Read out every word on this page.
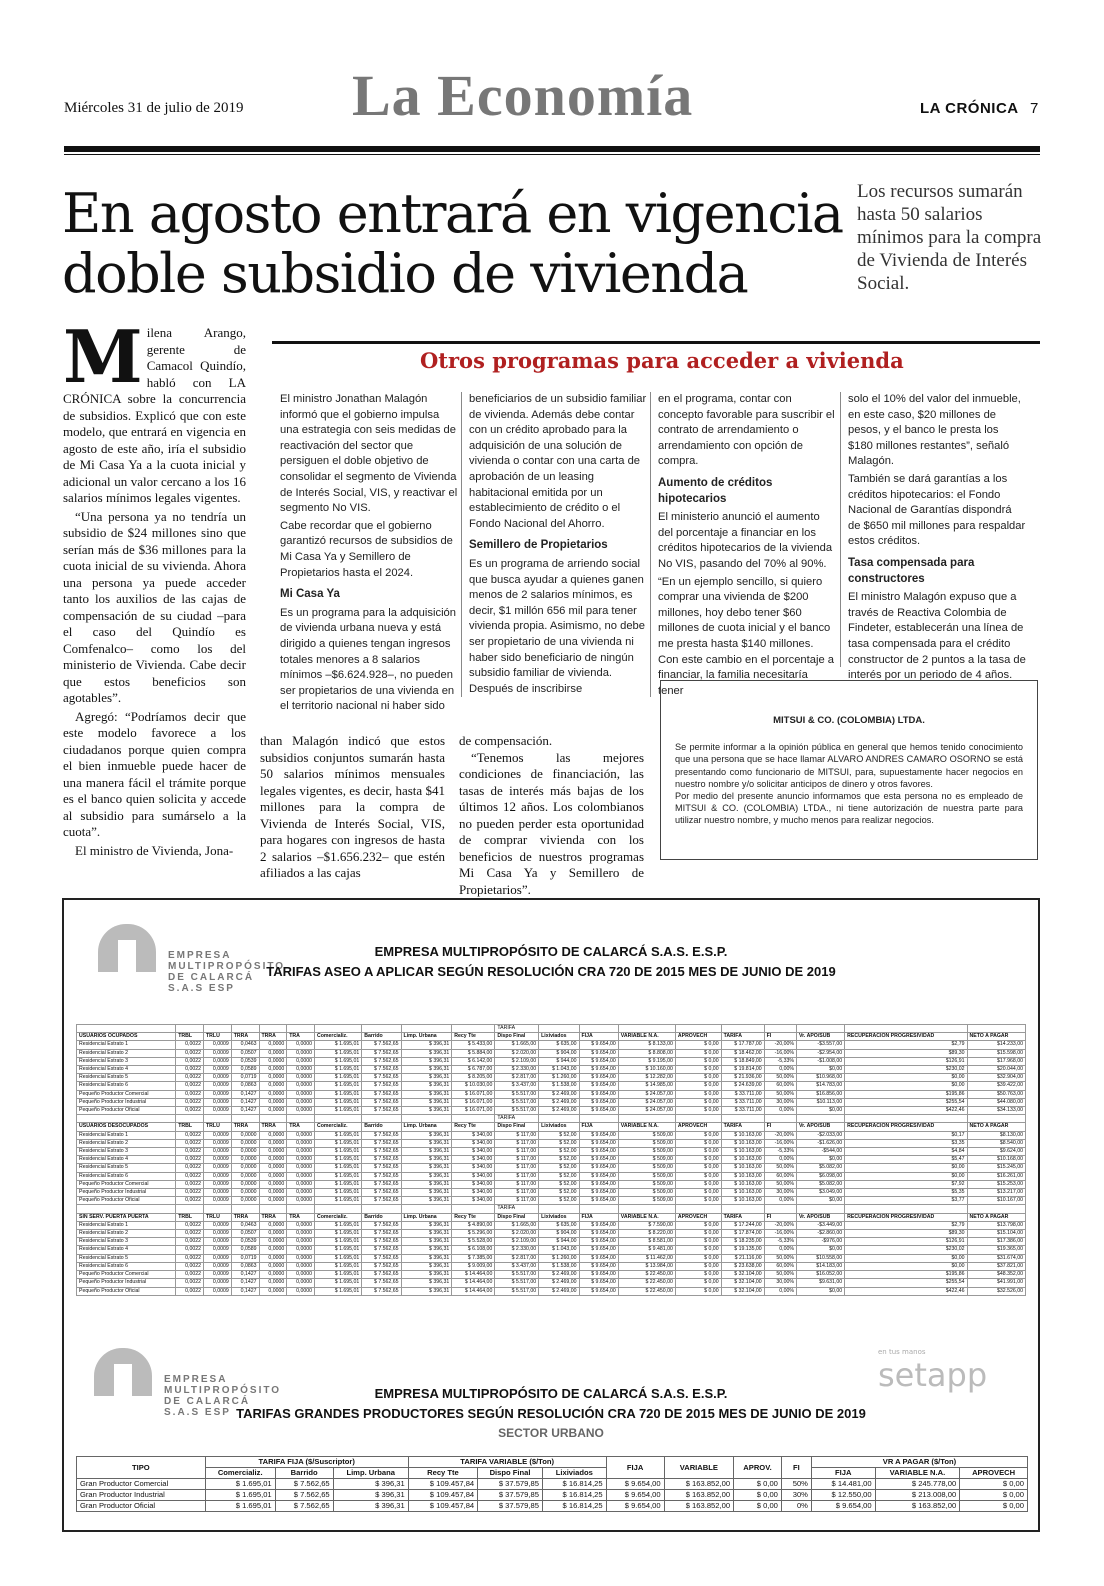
Miércoles 31 de julio de 2019 La Economía	LA CRÓNICA 7
En agosto entrará en vigencia doble subsidio de vivienda
Los recursos sumarán hasta 50 salarios mínimos para la compra de Vivienda de Interés Social.

Milena Arango, gerente de Camacol Quindío, habló con LA CRÓNICA sobre la concurrencia de subsidios. Explicó que con este modelo, que entrará en vigencia en agosto de este año, iría el subsidio de Mi Casa Ya a la cuota inicial y adicional un valor cercano a los 16 salarios mínimos legales vigentes.

“Una persona ya no tendría un subsidio de $24 millones sino que serían más de $36 millones para la cuota inicial de su vivienda. Ahora una persona ya puede acceder tanto los auxilios de las cajas de compensación de su ciudad –para el caso del Quindío es Comfenalco– como los del ministerio de Vivienda. Cabe decir que estos beneficios son agotables”.

Agregó: “Podríamos decir que este modelo favorece a los ciudadanos porque quien compra el bien inmueble puede hacer de una manera fácil el trámite porque es el banco quien solicita y accede al subsidio para sumárselo a la cuota”.

El ministro de Vivienda, Jona-

than Malagón indicó que estos subsidios conjuntos sumarán hasta 50 salarios mínimos mensuales legales vigentes, es decir, hasta $41 millones para la compra de Vivienda de Interés Social, VIS, para hogares con ingresos de hasta 2 salarios –$1.656.232– que estén afiliados a las cajas

de compensación.

“Tenemos las mejores condiciones de financiación, las tasas de interés más bajas de los últimos 12 años. Los colombianos no pueden perder esta oportunidad de comprar vivienda con los beneficios de nuestros programas Mi Casa Ya y Semillero de Propietarios”.

Otros programas para acceder a vivienda

El ministro Jonathan Malagón informó que el gobierno impulsa una estrategia con seis medidas de reactivación del sector que persiguen el doble objetivo de consolidar el segmento de Vivienda de Interés Social, VIS, y reactivar el segmento No VIS.

Cabe recordar que el gobierno garantizó recursos de subsidios de Mi Casa Ya y Semillero de Propietarios hasta el 2024.

Mi Casa Ya

Es un programa para la adquisición de vivienda urbana nueva y está dirigido a quienes tengan ingresos totales menores a 8 salarios mínimos –$6.624.928–, no pueden ser propietarios de una vivienda en el territorio nacional ni haber sido

beneficiarios de un subsidio familiar de vivienda. Además debe contar con un crédito aprobado para la adquisición de una solución de vivienda o contar con una carta de aprobación de un leasing habitacional emitida por un establecimiento de crédito o el Fondo Nacional del Ahorro.

Semillero de Propietarios

Es un programa de arriendo social que busca ayudar a quienes ganen menos de 2 salarios mínimos, es decir, $1 millón 656 mil para tener vivienda propia. Asimismo, no debe ser propietario de una vivienda ni haber sido beneficiario de ningún subsidio familiar de vivienda. Después de inscribirse

en el programa, contar con concepto favorable para suscribir el contrato de arrendamiento o arrendamiento con opción de compra.

Aumento de créditos hipotecarios

El ministerio anunció el aumento del porcentaje a financiar en los créditos hipotecarios de la vivienda No VIS, pasando del 70% al 90%.

“En un ejemplo sencillo, si quiero comprar una vivienda de $200 millones, hoy debo tener $60 millones de cuota inicial y el banco me presta hasta $140 millones. Con este cambio en el porcentaje a financiar, la familia necesitaría tener

solo el 10% del valor del inmueble, en este caso, $20 millones de pesos, y el banco le presta los $180 millones restantes”, señaló Malagón.

También se dará garantías a los créditos hipotecarios: el Fondo Nacional de Garantías dispondrá de $650 mil millones para respaldar estos créditos.

Tasa compensada para constructores

El ministro Malagón expuso que a través de Reactiva Colombia de Findeter, establecerán una línea de tasa compensada para el crédito constructor de 2 puntos a la tasa de interés por un periodo de 4 años.

MITSUI & CO. (COLOMBIA) LTDA.

Se permite informar a la opinión pública en general que hemos tenido conocimiento que una persona que se hace llamar ALVARO ANDRES CAMARO OSORNO se está presentando como funcionario de MITSUI, para, supuestamente hacer negocios en nuestro nombre y/o solicitar anticipos de dinero y otros favores.

Por medio del presente anuncio informamos que esta persona no es empleado de MITSUI & CO. (COLOMBIA) LTDA., ni tiene autorización de nuestra parte para utilizar nuestro nombre, y mucho menos para realizar negocios.

EMPRESA
MULTIPROPÓSITO
DE CALARCÁ S.A.S ESP
EMPRESA MULTIPROPÓSITO DE CALARCÁ S.A.S. E.S.P.
TARIFAS ASEO A APLICAR SEGÚN RESOLUCIÓN CRA 720 DE 2015 MES DE JUNIO DE 2019
										TARIFA									
USUARIOS OCUPADOS	TRBL	TRLU	TRRA	TRRA	TRA	Comercializ.	Barrido	Limp. Urbana	Recy Tte	Dispo Final	Lixiviados	FIJA	VARIABLE N.A.	APROVECH	TARIFA	FI	Vr. APO/SUB	RECUPERACION PROGRESIVIDAD	NETO A PAGAR
Residencial Estrato 1	0,0022	0,0009	0,0463	0,0000	0,0000	$ 1.695,01	$ 7.562,65	$ 396,31	$ 5.433,00	$ 1.665,00	$ 635,00	$ 9.654,00	$ 8.133,00	$ 0,00	$ 17.787,00	-20,00%	-$3.557,00	$2,79	$14.233,00
Residencial Estrato 2	0,0022	0,0009	0,0507	0,0000	0,0000	$ 1.695,01	$ 7.562,65	$ 396,31	$ 5.884,00	$ 2.020,00	$ 904,00	$ 9.654,00	$ 8.808,00	$ 0,00	$ 18.462,00	-16,00%	-$2.954,00	$89,30	$15.598,00
Residencial Estrato 3	0,0022	0,0009	0,0539	0,0000	0,0000	$ 1.695,01	$ 7.562,65	$ 396,31	$ 6.142,00	$ 2.109,00	$ 944,00	$ 9.654,00	$ 9.195,00	$ 0,00	$ 18.849,00	-5,33%	-$1.008,00	$126,91	$17.968,00
Residencial Estrato 4	0,0022	0,0009	0,0589	0,0000	0,0000	$ 1.695,01	$ 7.562,65	$ 396,31	$ 6.787,00	$ 2.330,00	$ 1.043,00	$ 9.654,00	$ 10.160,00	$ 0,00	$ 19.814,00	0,00%	$0,00	$230,02	$20.044,00
Residencial Estrato 5	0,0022	0,0009	0,0719	0,0000	0,0000	$ 1.695,01	$ 7.562,65	$ 396,31	$ 8.205,00	$ 2.817,00	$ 1.260,00	$ 9.654,00	$ 12.282,00	$ 0,00	$ 21.936,00	50,00%	$10.968,00	$0,00	$32.904,00
Residencial Estrato 6	0,0022	0,0009	0,0863	0,0000	0,0000	$ 1.695,01	$ 7.562,65	$ 396,31	$ 10.030,00	$ 3.437,00	$ 1.538,00	$ 9.654,00	$ 14.985,00	$ 0,00	$ 24.639,00	60,00%	$14.783,00	$0,00	$39.422,00
Pequeño Productor Comercial	0,0022	0,0009	0,1427	0,0000	0,0000	$ 1.695,01	$ 7.562,65	$ 396,31	$ 16.071,00	$ 5.517,00	$ 2.469,00	$ 9.654,00	$ 24.057,00	$ 0,00	$ 33.711,00	50,00%	$16.856,00	$195,86	$50.763,00
Pequeño Productor Industrial	0,0022	0,0009	0,1427	0,0000	0,0000	$ 1.695,01	$ 7.562,65	$ 396,31	$ 16.071,00	$ 5.517,00	$ 2.469,00	$ 9.654,00	$ 24.057,00	$ 0,00	$ 33.711,00	30,00%	$10.113,00	$255,54	$44.080,00
Pequeño Productor Oficial	0,0022	0,0009	0,1427	0,0000	0,0000	$ 1.695,01	$ 7.562,65	$ 396,31	$ 16.071,00	$ 5.517,00	$ 2.469,00	$ 9.654,00	$ 24.057,00	$ 0,00	$ 33.711,00	0,00%	$0,00	$422,46	$34.133,00
										TARIFA									
USUARIOS DESOCUPADOS	TRBL	TRLU	TRRA	TRRA	TRA	Comercializ.	Barrido	Limp. Urbana	Recy Tte	Dispo Final	Lixiviados	FIJA	VARIABLE N.A.	APROVECH	TARIFA	FI	Vr. APO/SUB	RECUPERACION PROGRESIVIDAD	NETO A PAGAR
Residencial Estrato 1	0,0022	0,0009	0,0000	0,0000	0,0000	$ 1.695,01	$ 7.562,65	$ 396,31	$ 340,00	$ 117,00	$ 52,00	$ 9.654,00	$ 509,00	$ 0,00	$ 10.163,00	-20,00%	-$2.033,00	$0,17	$8.130,00
Residencial Estrato 2	0,0022	0,0009	0,0000	0,0000	0,0000	$ 1.695,01	$ 7.562,65	$ 396,31	$ 340,00	$ 117,00	$ 52,00	$ 9.654,00	$ 509,00	$ 0,00	$ 10.163,00	-16,00%	-$1.626,00	$3,35	$8.540,00
Residencial Estrato 3	0,0022	0,0009	0,0000	0,0000	0,0000	$ 1.695,01	$ 7.562,65	$ 396,31	$ 340,00	$ 117,00	$ 52,00	$ 9.654,00	$ 509,00	$ 0,00	$ 10.163,00	-5,33%	-$544,00	$4,84	$9.624,00
Residencial Estrato 4	0,0022	0,0009	0,0000	0,0000	0,0000	$ 1.695,01	$ 7.562,65	$ 396,31	$ 340,00	$ 117,00	$ 52,00	$ 9.654,00	$ 509,00	$ 0,00	$ 10.163,00	0,00%	$0,00	$5,47	$10.168,00
Residencial Estrato 5	0,0022	0,0009	0,0000	0,0000	0,0000	$ 1.695,01	$ 7.562,65	$ 396,31	$ 340,00	$ 117,00	$ 52,00	$ 9.654,00	$ 509,00	$ 0,00	$ 10.163,00	50,00%	$5.082,00	$0,00	$15.245,00
Residencial Estrato 6	0,0022	0,0009	0,0000	0,0000	0,0000	$ 1.695,01	$ 7.562,65	$ 396,31	$ 340,00	$ 117,00	$ 52,00	$ 9.654,00	$ 509,00	$ 0,00	$ 10.163,00	60,00%	$6.098,00	$0,00	$16.261,00
Pequeño Productor Comercial	0,0022	0,0009	0,0000	0,0000	0,0000	$ 1.695,01	$ 7.562,65	$ 396,31	$ 340,00	$ 117,00	$ 52,00	$ 9.654,00	$ 509,00	$ 0,00	$ 10.163,00	50,00%	$5.082,00	$7,92	$15.253,00
Pequeño Productor Industrial	0,0022	0,0009	0,0000	0,0000	0,0000	$ 1.695,01	$ 7.562,65	$ 396,31	$ 340,00	$ 117,00	$ 52,00	$ 9.654,00	$ 509,00	$ 0,00	$ 10.163,00	30,00%	$3.049,00	$5,35	$13.217,00
Pequeño Productor Oficial	0,0022	0,0009	0,0000	0,0000	0,0000	$ 1.695,01	$ 7.562,65	$ 396,31	$ 340,00	$ 117,00	$ 52,00	$ 9.654,00	$ 509,00	$ 0,00	$ 10.163,00	0,00%	$0,00	$3,77	$10.167,00
										TARIFA									
SIN SERV. PUERTA PUERTA	TRBL	TRLU	TRRA	TRRA	TRA	Comercializ.	Barrido	Limp. Urbana	Recy Tte	Dispo Final	Lixiviados	FIJA	VARIABLE N.A.	APROVECH	TARIFA	FI	Vr. APO/SUB	RECUPERACION PROGRESIVIDAD	NETO A PAGAR
Residencial Estrato 1	0,0022	0,0009	0,0463	0,0000	0,0000	$ 1.695,01	$ 7.562,65	$ 396,31	$ 4.890,00	$ 1.665,00	$ 635,00	$ 9.654,00	$ 7.590,00	$ 0,00	$ 17.244,00	-20,00%	-$3.449,00	$2,79	$13.798,00
Residencial Estrato 2	0,0022	0,0009	0,0507	0,0000	0,0000	$ 1.695,01	$ 7.562,65	$ 396,31	$ 5.296,00	$ 2.020,00	$ 904,00	$ 9.654,00	$ 8.220,00	$ 0,00	$ 17.874,00	-16,00%	-$2.860,00	$89,30	$15.104,00
Residencial Estrato 3	0,0022	0,0009	0,0539	0,0000	0,0000	$ 1.695,01	$ 7.562,65	$ 396,31	$ 5.528,00	$ 2.109,00	$ 944,00	$ 9.654,00	$ 8.581,00	$ 0,00	$ 18.235,00	-5,33%	-$976,00	$126,91	$17.386,00
Residencial Estrato 4	0,0022	0,0009	0,0589	0,0000	0,0000	$ 1.695,01	$ 7.562,65	$ 396,31	$ 6.108,00	$ 2.330,00	$ 1.043,00	$ 9.654,00	$ 9.481,00	$ 0,00	$ 19.135,00	0,00%	$0,00	$230,02	$19.365,00
Residencial Estrato 5	0,0022	0,0009	0,0719	0,0000	0,0000	$ 1.695,01	$ 7.562,65	$ 396,31	$ 7.385,00	$ 2.817,00	$ 1.260,00	$ 9.654,00	$ 11.462,00	$ 0,00	$ 21.116,00	50,00%	$10.558,00	$0,00	$31.674,00
Residencial Estrato 6	0,0022	0,0009	0,0863	0,0000	0,0000	$ 1.695,01	$ 7.562,65	$ 396,31	$ 9.009,00	$ 3.437,00	$ 1.538,00	$ 9.654,00	$ 13.984,00	$ 0,00	$ 23.638,00	60,00%	$14.183,00	$0,00	$37.821,00
Pequeño Productor Comercial	0,0022	0,0009	0,1427	0,0000	0,0000	$ 1.695,01	$ 7.562,65	$ 396,31	$ 14.464,00	$ 5.517,00	$ 2.469,00	$ 9.654,00	$ 22.450,00	$ 0,00	$ 32.104,00	50,00%	$16.052,00	$195,86	$48.352,00
Pequeño Productor Industrial	0,0022	0,0009	0,1427	0,0000	0,0000	$ 1.695,01	$ 7.562,65	$ 396,31	$ 14.464,00	$ 5.517,00	$ 2.469,00	$ 9.654,00	$ 22.450,00	$ 0,00	$ 32.104,00	30,00%	$9.631,00	$255,54	$41.991,00
Pequeño Productor Oficial	0,0022	0,0009	0,1427	0,0000	0,0000	$ 1.695,01	$ 7.562,65	$ 396,31	$ 14.464,00	$ 5.517,00	$ 2.469,00	$ 9.654,00	$ 22.450,00	$ 0,00	$ 32.104,00	0,00%	$0,00	$422,46	$32.526,00
EMPRESA
MULTIPROPÓSITO
DE CALARCÁ S.A.S ESP
en tus manos
setapp
EMPRESA MULTIPROPÓSITO DE CALARCÁ S.A.S. E.S.P.
TARIFAS GRANDES PRODUCTORES SEGÚN RESOLUCIÓN CRA 720 DE 2015 MES DE JUNIO DE 2019
SECTOR URBANO
TIPO	TARIFA FIJA ($/Suscriptor)			TARIFA VARIABLE ($/Ton)			FIJA	VARIABLE	APROV.	FI	VR A PAGAR ($/Ton)		
	Comercializ.	Barrido	Limp. Urbana	Recy Tte	Dispo Final	Lixiviados					FIJA	VARIABLE N.A.	APROVECH
Gran Productor Comercial	$ 1.695,01	$ 7.562,65	$ 396,31	$ 109.457,84	$ 37.579,85	$ 16.814,25	$ 9.654,00	$ 163.852,00	$ 0,00	50%	$ 14.481,00	$ 245.778,00	$ 0,00
Gran Productor Industrial	$ 1.695,01	$ 7.562,65	$ 396,31	$ 109.457,84	$ 37.579,85	$ 16.814,25	$ 9.654,00	$ 163.852,00	$ 0,00	30%	$ 12.550,00	$ 213.008,00	$ 0,00
Gran Productor Oficial	$ 1.695,01	$ 7.562,65	$ 396,31	$ 109.457,84	$ 37.579,85	$ 16.814,25	$ 9.654,00	$ 163.852,00	$ 0,00	0%	$ 9.654,00	$ 163.852,00	$ 0,00
